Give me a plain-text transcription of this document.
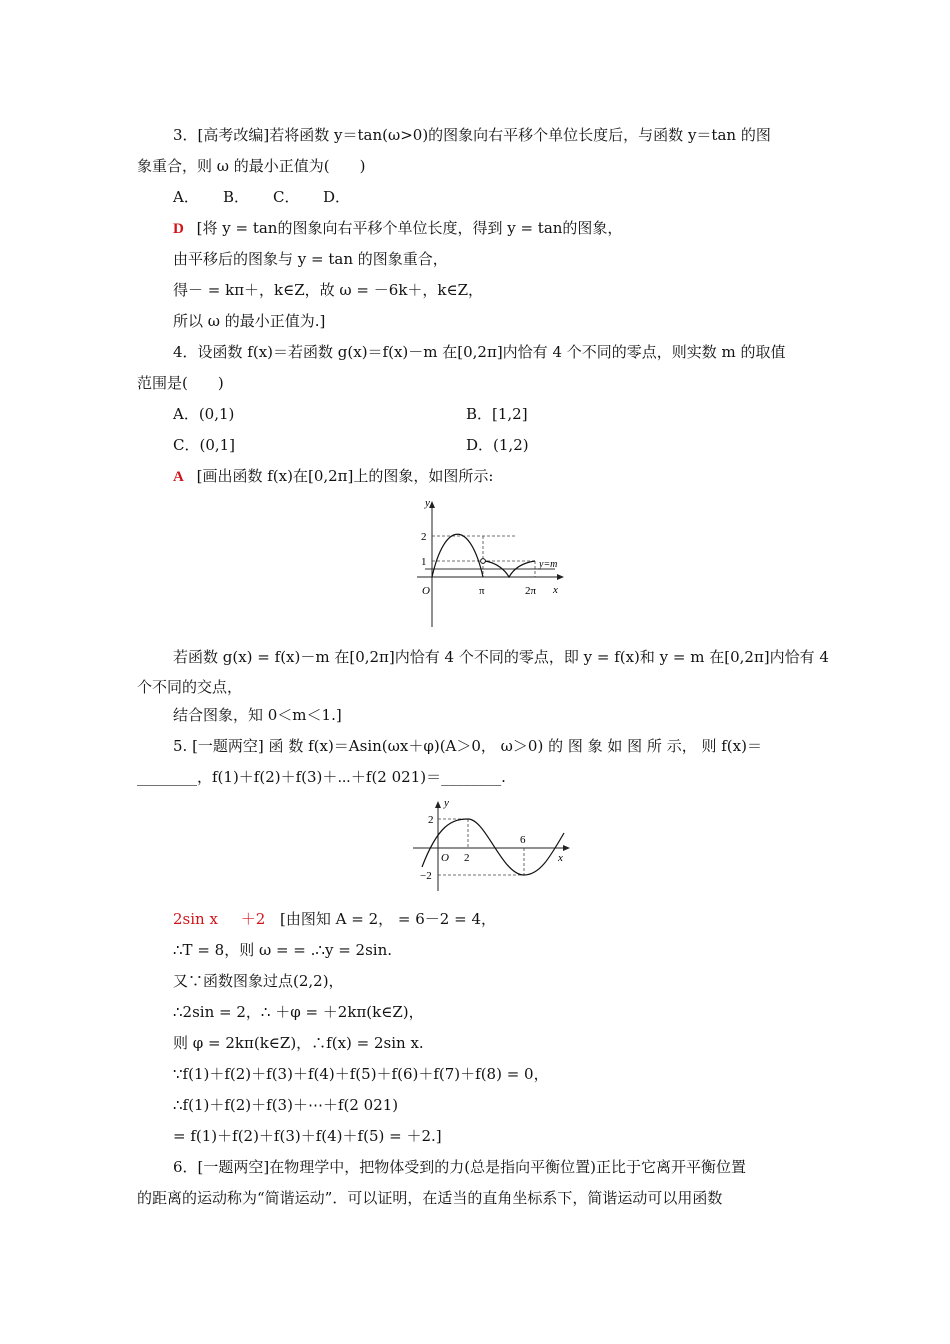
3．[高考改编]若将函数 y＝tan(ω>0)的图象向右平移个单位长度后，与函数 y＝tan 的图
象重合，则 ω 的最小正值为(　　)
A． B． C． D．
D [将 y = tan的图象向右平移个单位长度，得到 y = tan的图象，
由平移后的图象与 y = tan 的图象重合，
得－ = kπ＋，k∈Z，故 ω = －6k＋，k∈Z，
所以 ω 的最小正值为.]
4．设函数 f(x)＝若函数 g(x)＝f(x)－m 在[0,2π]内恰有 4 个不同的零点，则实数 m 的取值
范围是(　　)
A．(0,1)	B．[1,2]
C．(0,1]	D．(1,2)
A [画出函数 f(x)在[0,2π]上的图象，如图所示:
y
x
O
2
1
π	2π
y=m
若函数 g(x) = f(x)－m 在[0,2π]内恰有 4 个不同的零点，即 y = f(x)和 y = m 在[0,2π]内恰有 4
个不同的交点，
结合图象，知 0＜m＜1.]
5. [一题两空] 函 数 f(x)＝Asin(ωx＋φ)(A＞0， ω＞0) 的 图 象 如 图 所 示， 则 f(x)＝
________，f(1)＋f(2)＋f(3)＋⋯＋f(2 021)＝________.
y
x
O 2
6
2
−2
2sin x ＋2 [由图知 A = 2， = 6－2 = 4，
∴T = 8，则 ω = = .∴y = 2sin.
又∵函数图象过点(2,2)，
∴2sin = 2，∴ ＋φ = ＋2kπ(k∈Z)，
则 φ = 2kπ(k∈Z)，∴f(x) = 2sin x.
∵f(1)＋f(2)＋f(3)＋f(4)＋f(5)＋f(6)＋f(7)＋f(8) = 0，
∴f(1)＋f(2)＋f(3)＋⋯＋f(2 021)
= f(1)＋f(2)＋f(3)＋f(4)＋f(5) = ＋2.]
6．[一题两空]在物理学中，把物体受到的力(总是指向平衡位置)正比于它离开平衡位置
的距离的运动称为“简谐运动”．可以证明，在适当的直角坐标系下，简谐运动可以用函数
